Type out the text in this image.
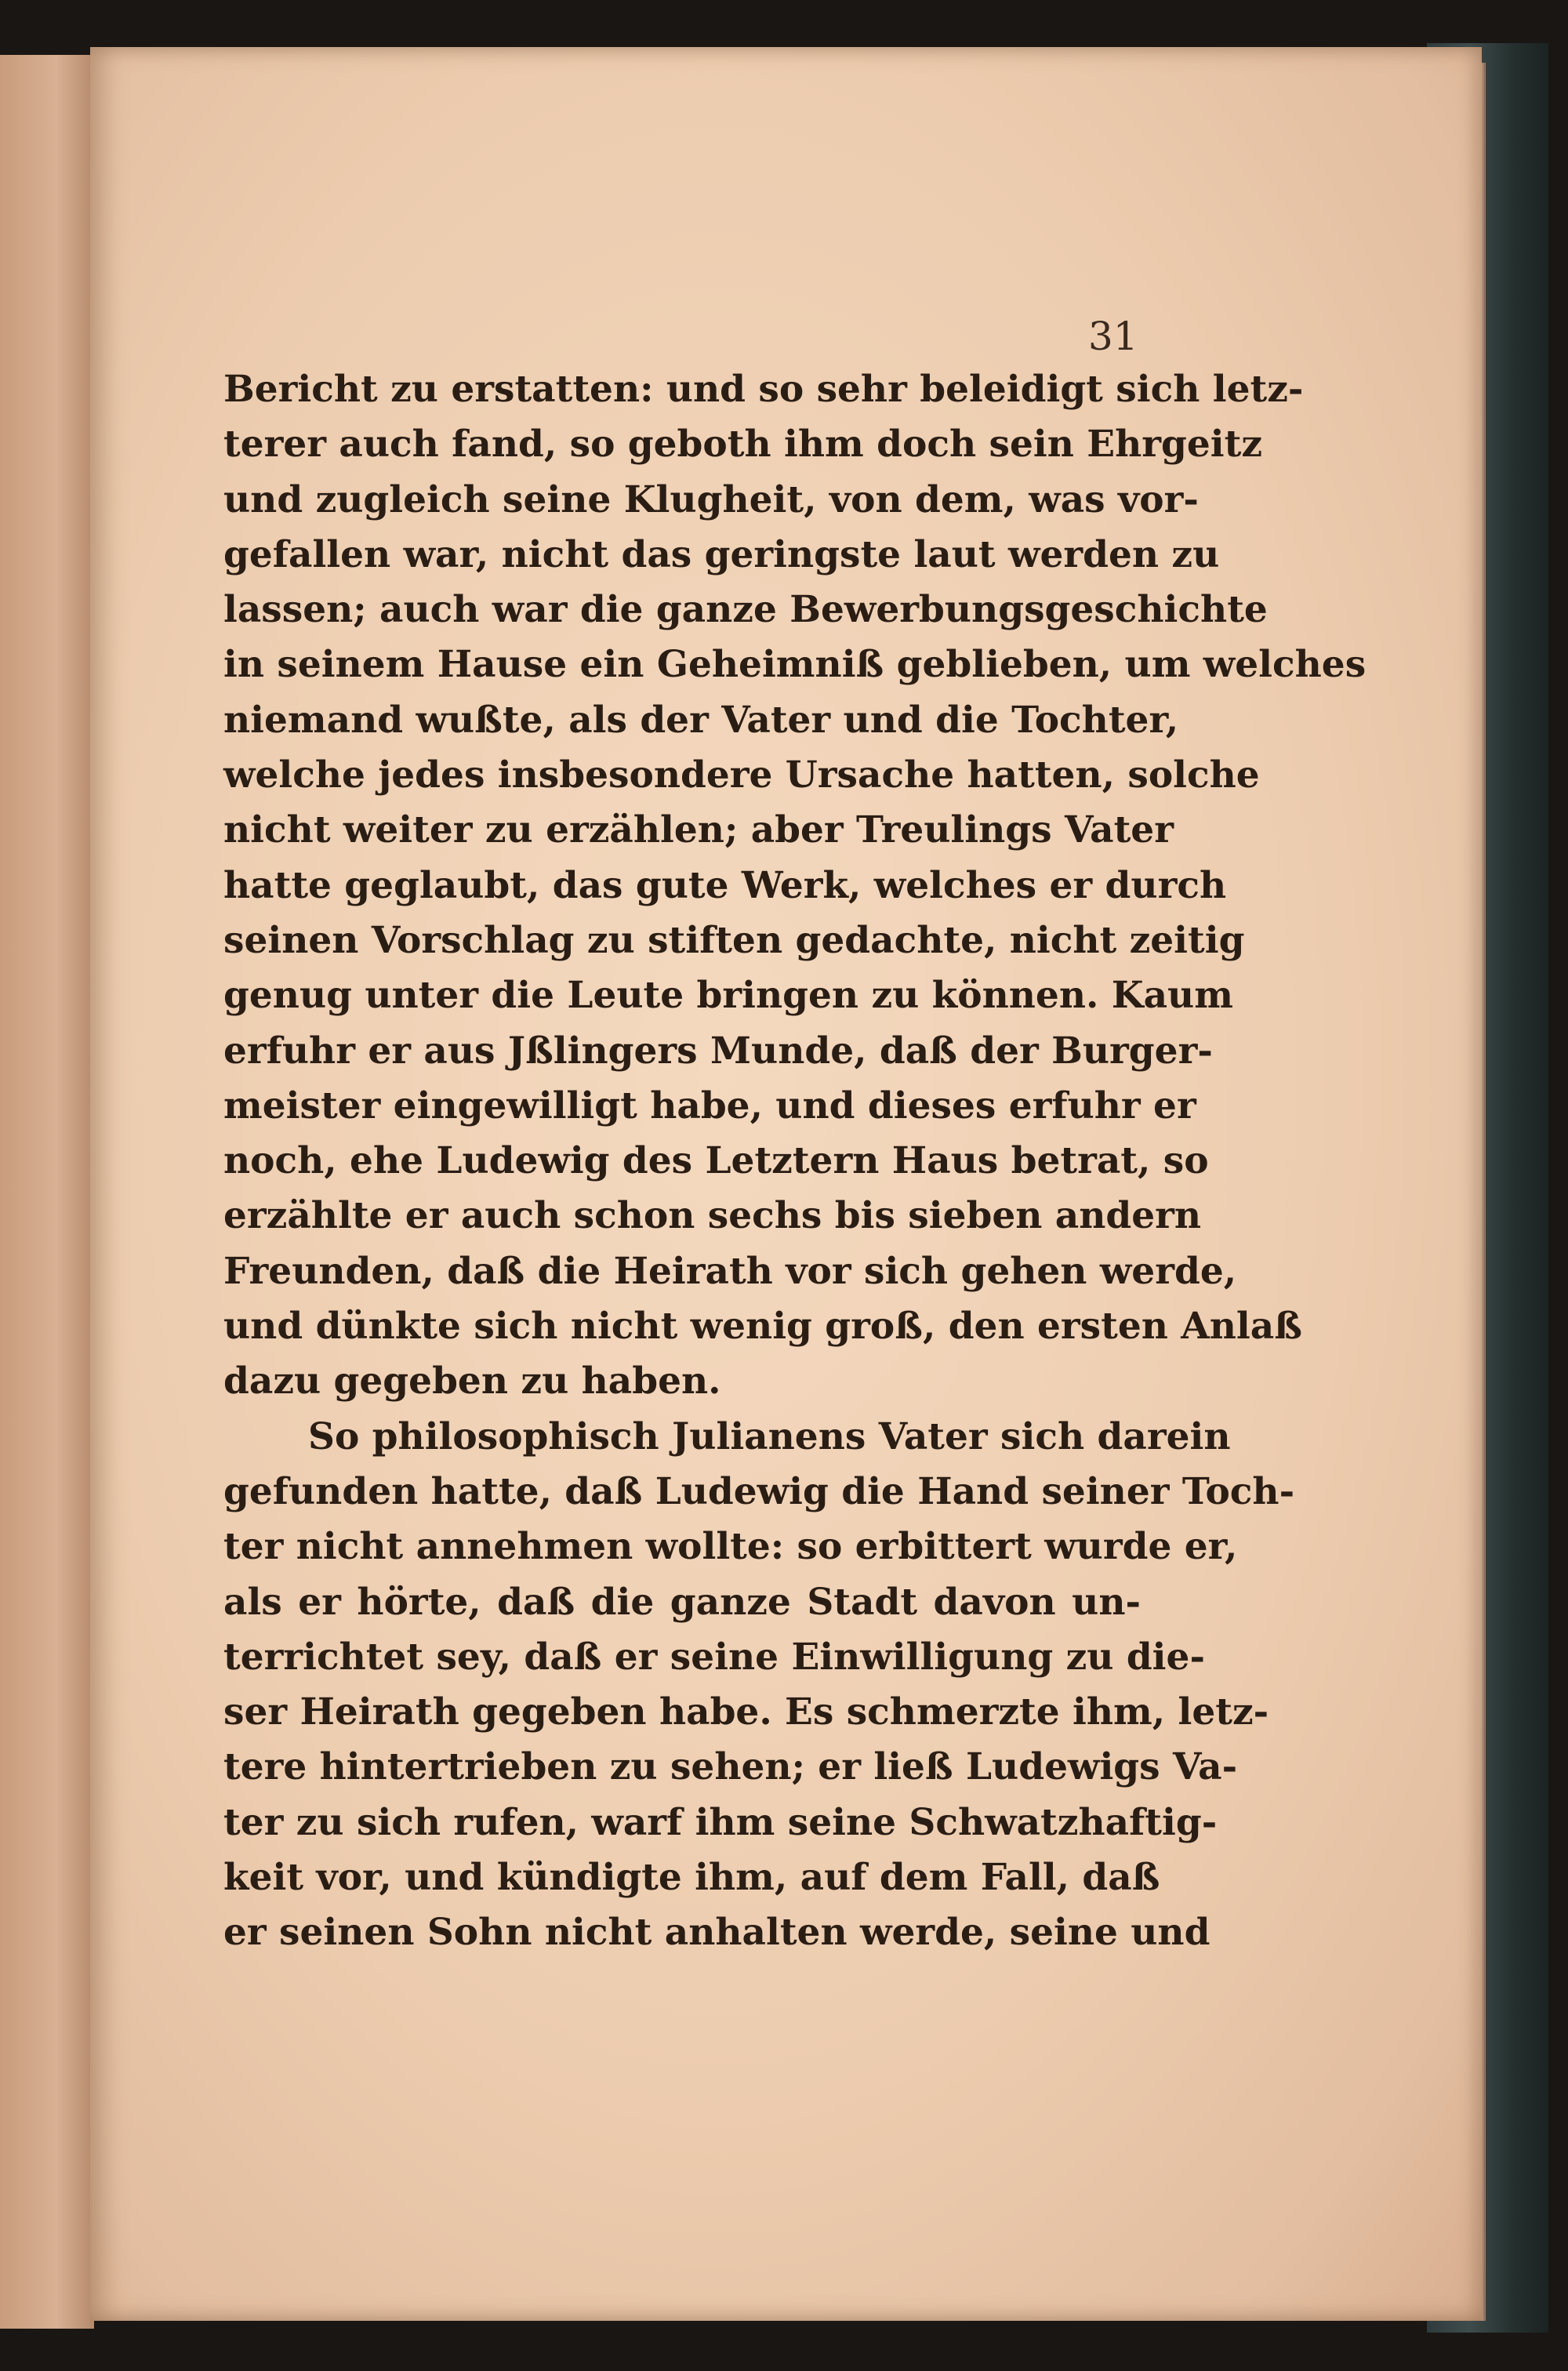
31
Bericht zu erstatten: und so sehr beleidigt sich letz-
terer auch fand, so geboth ihm doch sein Ehrgeitz
und zugleich seine Klugheit, von dem, was vor-
gefallen war, nicht das geringste laut werden zu
lassen; auch war die ganze Bewerbungsgeschichte
in seinem Hause ein Geheimniß geblieben, um welches
niemand wußte, als der Vater und die Tochter,
welche jedes insbesondere Ursache hatten, solche
nicht weiter zu erzählen; aber Treulings Vater
hatte geglaubt, das gute Werk, welches er durch
seinen Vorschlag zu stiften gedachte, nicht zeitig
genug unter die Leute bringen zu können. Kaum
erfuhr er aus Jßlingers Munde, daß der Burger-
meister eingewilligt habe, und dieses erfuhr er
noch, ehe Ludewig des Letztern Haus betrat, so
erzählte er auch schon sechs bis sieben andern
Freunden, daß die Heirath vor sich gehen werde,
und dünkte sich nicht wenig groß, den ersten Anlaß
dazu gegeben zu haben.
So philosophisch Julianens Vater sich darein
gefunden hatte, daß Ludewig die Hand seiner Toch-
ter nicht annehmen wollte: so erbittert wurde er,
als er hörte, daß die ganze Stadt davon un-
terrichtet sey, daß er seine Einwilligung zu die-
ser Heirath gegeben habe. Es schmerzte ihm, letz-
tere hintertrieben zu sehen; er ließ Ludewigs Va-
ter zu sich rufen, warf ihm seine Schwatzhaftig-
keit vor, und kündigte ihm, auf dem Fall, daß
er seinen Sohn nicht anhalten werde, seine und
